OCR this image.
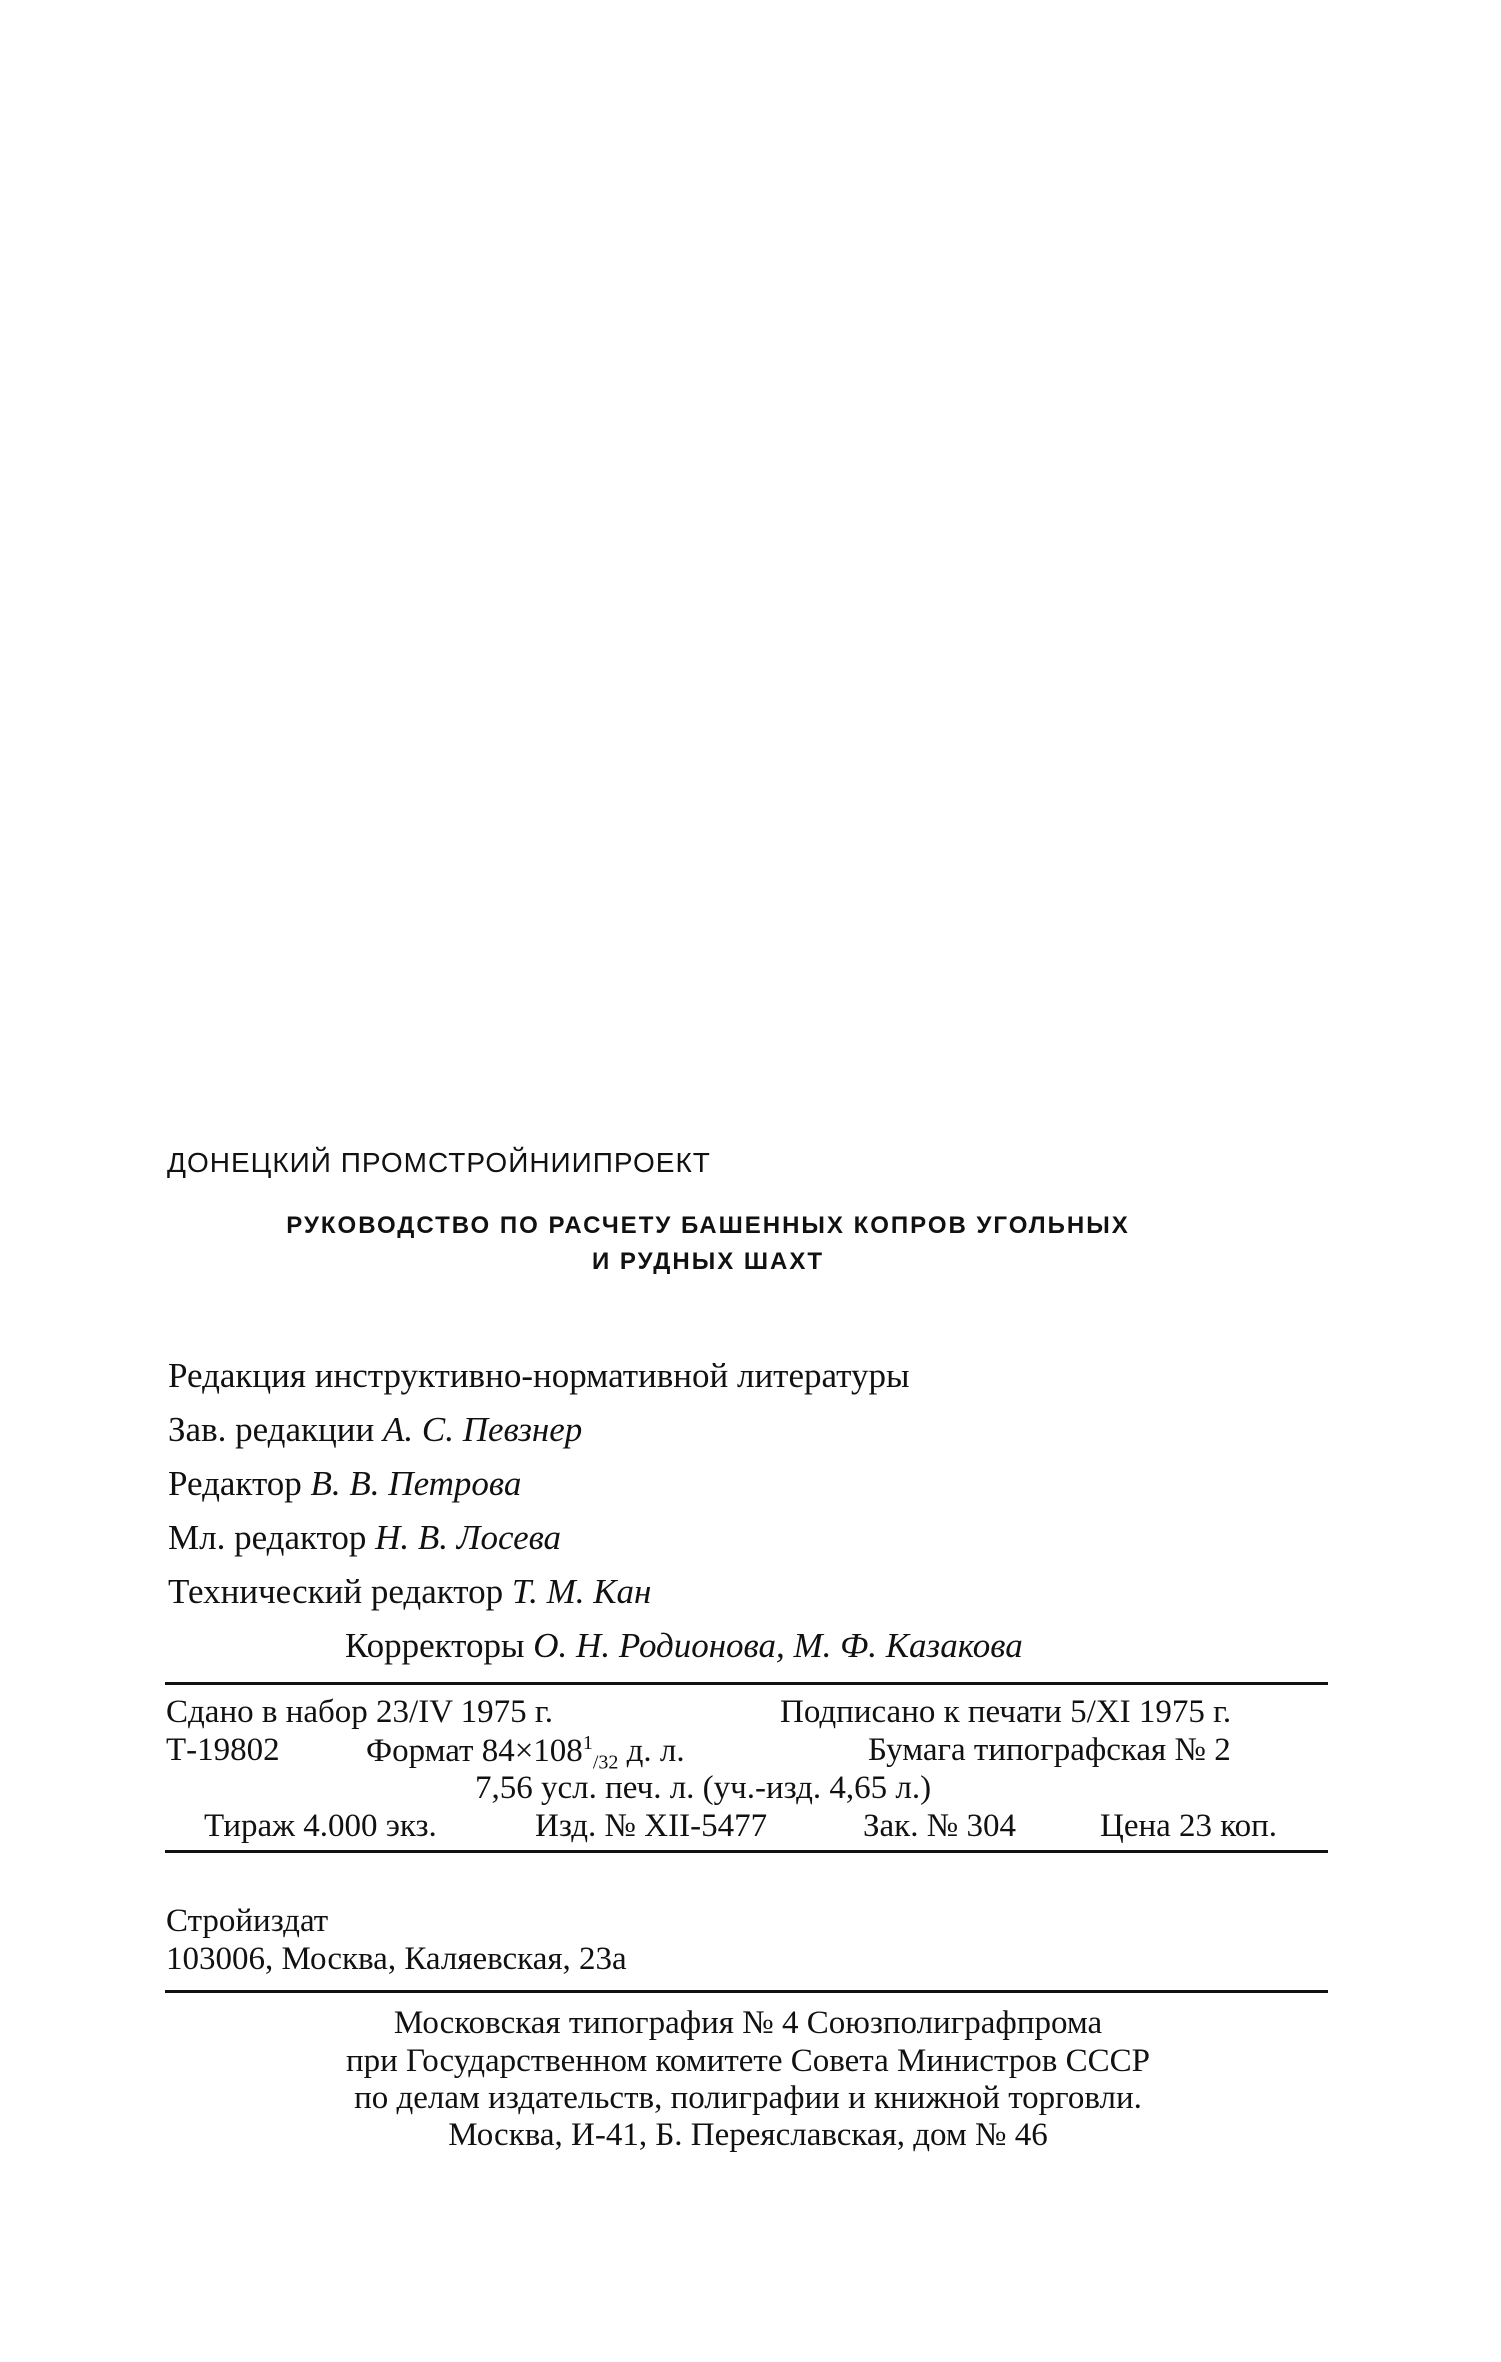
ДОНЕЦКИЙ ПРОМСТРОЙНИИПРОЕКТ
РУКОВОДСТВО ПО РАСЧЕТУ БАШЕННЫХ КОПРОВ УГОЛЬНЫХ
И РУДНЫХ ШАХТ
Редакция инструктивно-нормативной литературы
Зав. редакции А. С. Певзнер
Редактор В. В. Петрова
Мл. редактор Н. В. Лосева
Технический редактор Т. М. Кан
Корректоры О. Н. Родионова, М. Ф. Казакова
Сдано в набор 23/IV 1975 г.	Подписано к печати 5/XI 1975 г.
Т-19802	Формат $84\times 108^1_{/32}$ д. л.	Бумага типографская № 2
7,56 усл. печ. л. (уч.-изд. 4,65 л.)
Тираж 4.000 экз.	Изд. № XII-5477	Зак. № 304	Цена 23 коп.
Стройиздат
103006, Москва, Каляевская, 23а
Московская типография № 4 Союзполиграфпрома
при Государственном комитете Совета Министров СССР
по делам издательств, полиграфии и книжной торговли.
Москва, И-41, Б. Переяславская, дом № 46
